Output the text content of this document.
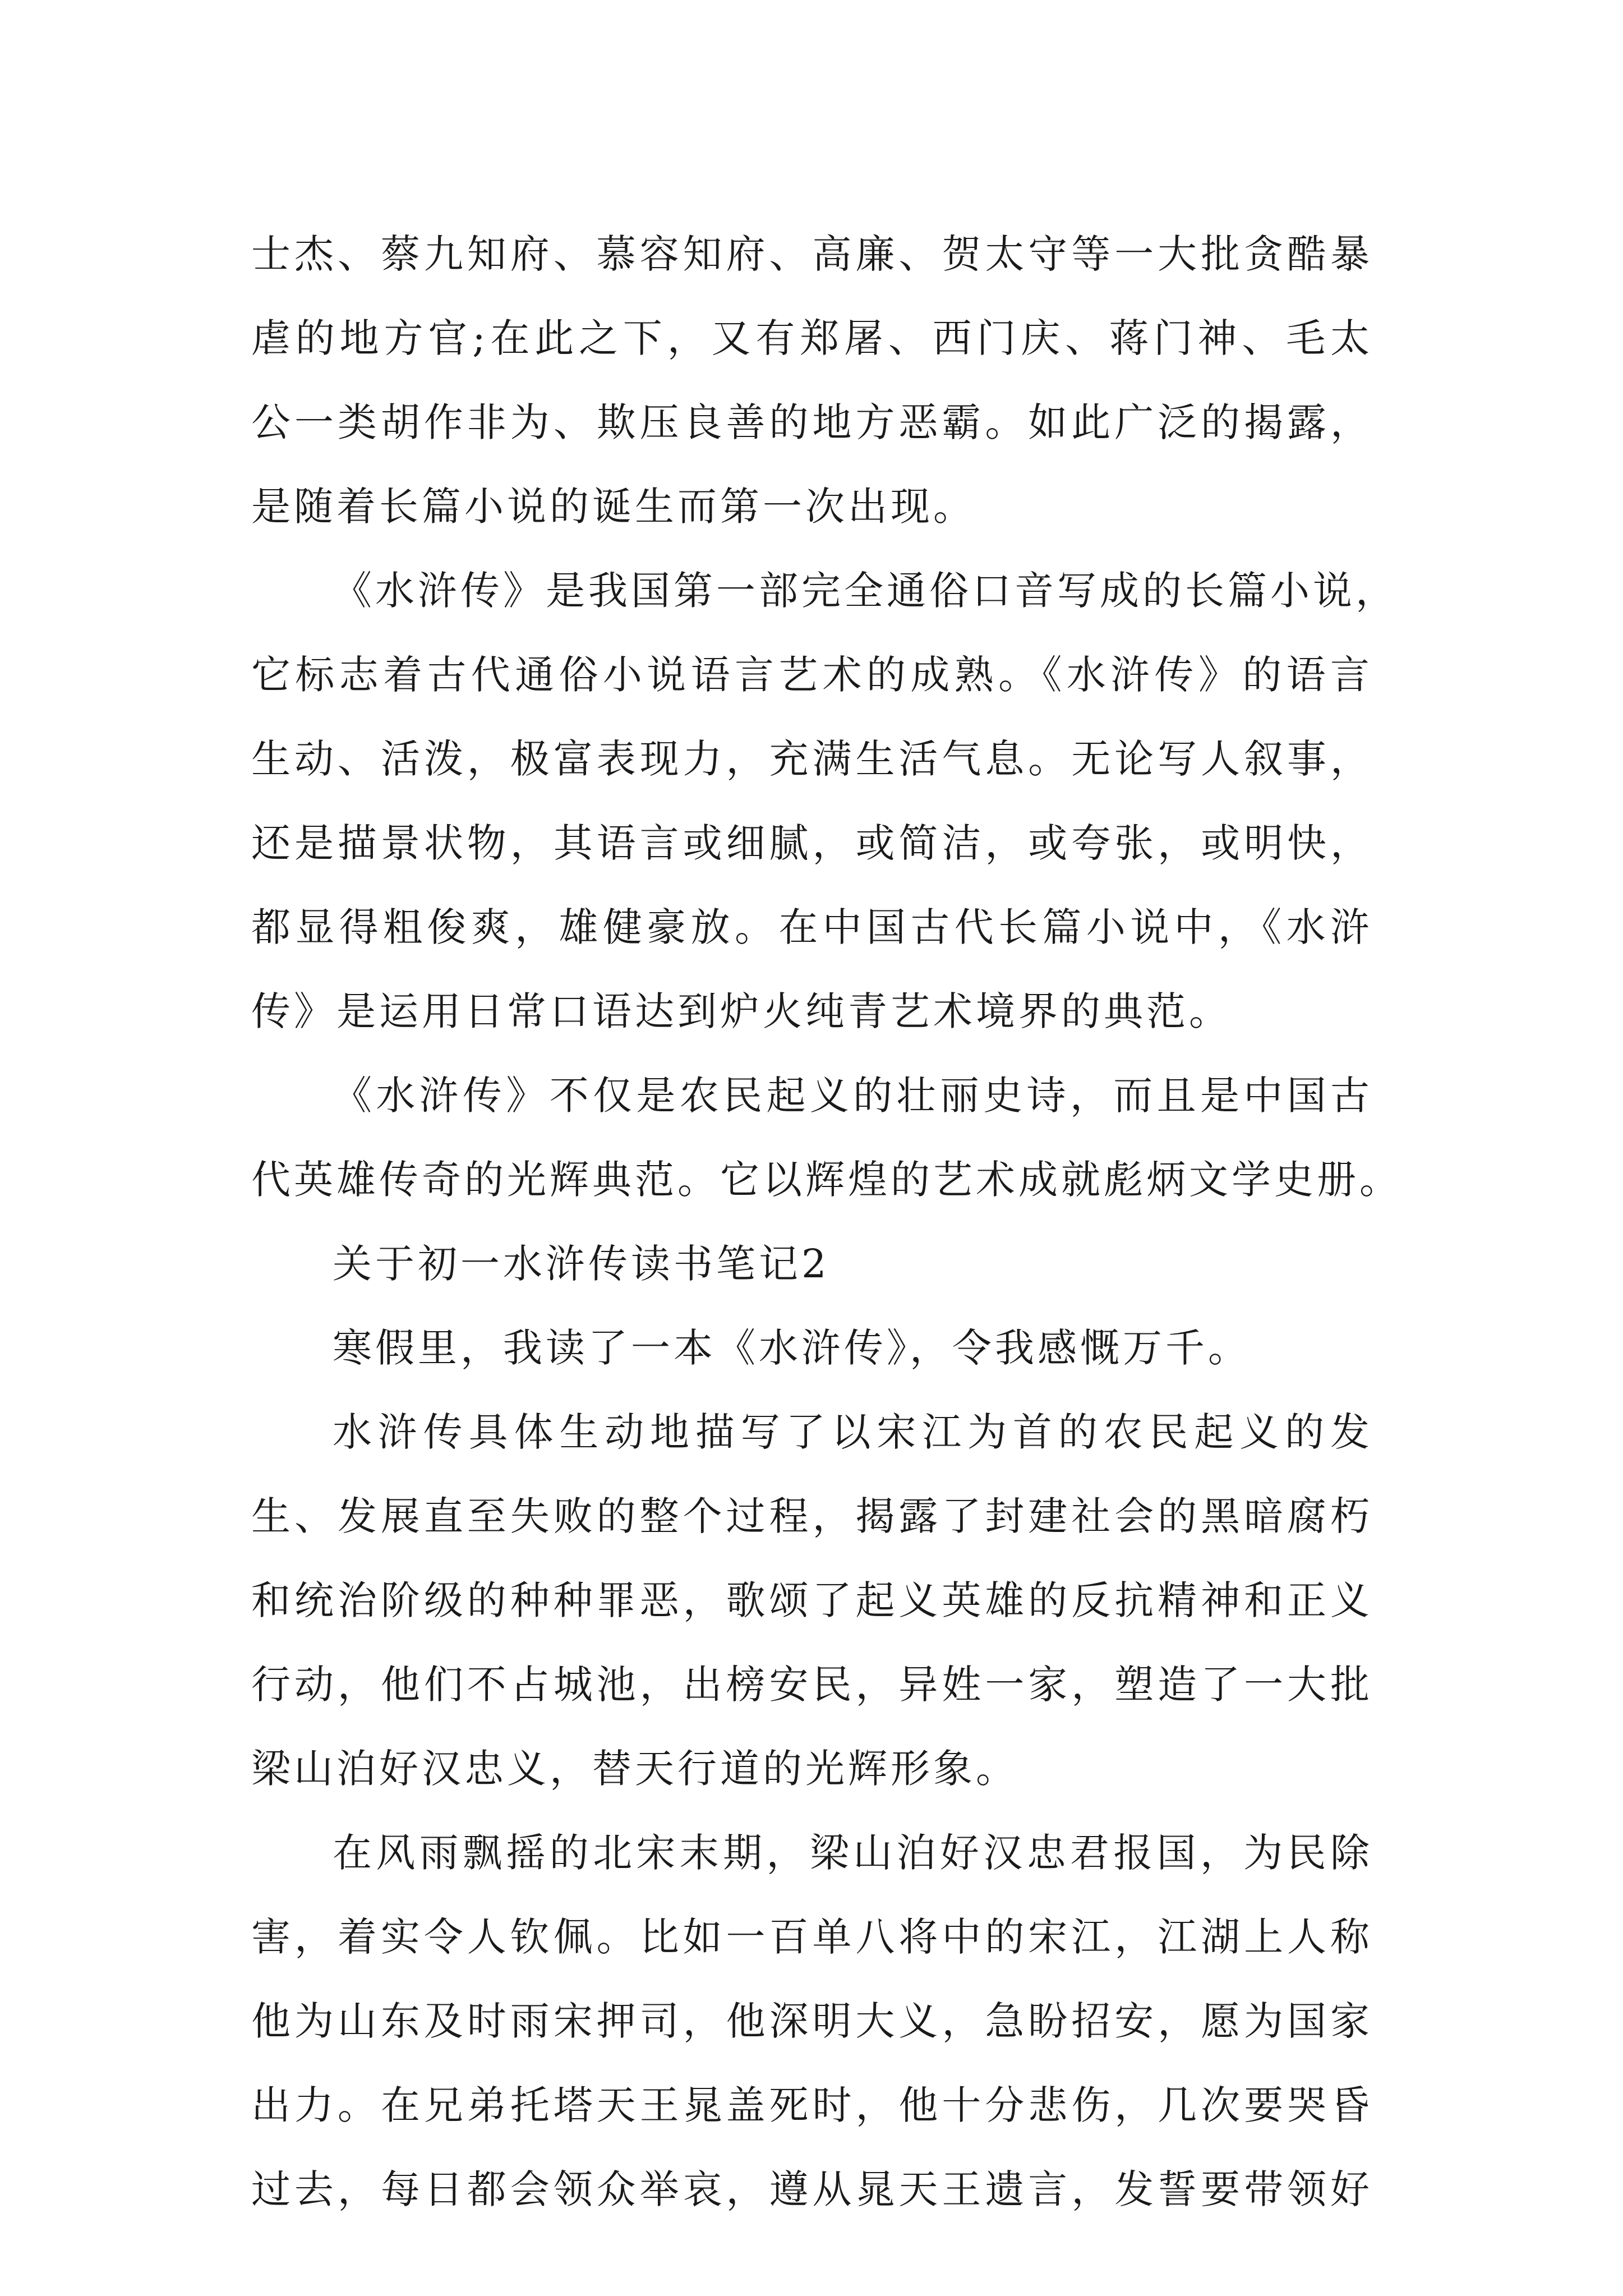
士杰、蔡九知府、慕容知府、高廉、贺太守等一大批贪酷暴
虐的地方官;在此之下，又有郑屠、西门庆、蒋门神、毛太
公一类胡作非为、欺压良善的地方恶霸。如此广泛的揭露，
是随着长篇小说的诞生而第一次出现。
《水浒传》是我国第一部完全通俗口音写成的长篇小说，
它标志着古代通俗小说语言艺术的成熟。《水浒传》的语言
生动、活泼，极富表现力，充满生活气息。无论写人叙事，
还是描景状物，其语言或细腻，或简洁，或夸张，或明快，
都显得粗俊爽，雄健豪放。在中国古代长篇小说中，《水浒
传》是运用日常口语达到炉火纯青艺术境界的典范。
《水浒传》不仅是农民起义的壮丽史诗，而且是中国古
代英雄传奇的光辉典范。它以辉煌的艺术成就彪炳文学史册。
关于初一水浒传读书笔记2
寒假里，我读了一本《水浒传》，令我感慨万千。
水浒传具体生动地描写了以宋江为首的农民起义的发
生、发展直至失败的整个过程，揭露了封建社会的黑暗腐朽
和统治阶级的种种罪恶，歌颂了起义英雄的反抗精神和正义
行动，他们不占城池，出榜安民，异姓一家，塑造了一大批
梁山泊好汉忠义，替天行道的光辉形象。
在风雨飘摇的北宋末期，梁山泊好汉忠君报国，为民除
害，着实令人钦佩。比如一百单八将中的宋江，江湖上人称
他为山东及时雨宋押司，他深明大义，急盼招安，愿为国家
出力。在兄弟托塔天王晁盖死时，他十分悲伤，几次要哭昏
过去，每日都会领众举哀，遵从晁天王遗言，发誓要带领好
